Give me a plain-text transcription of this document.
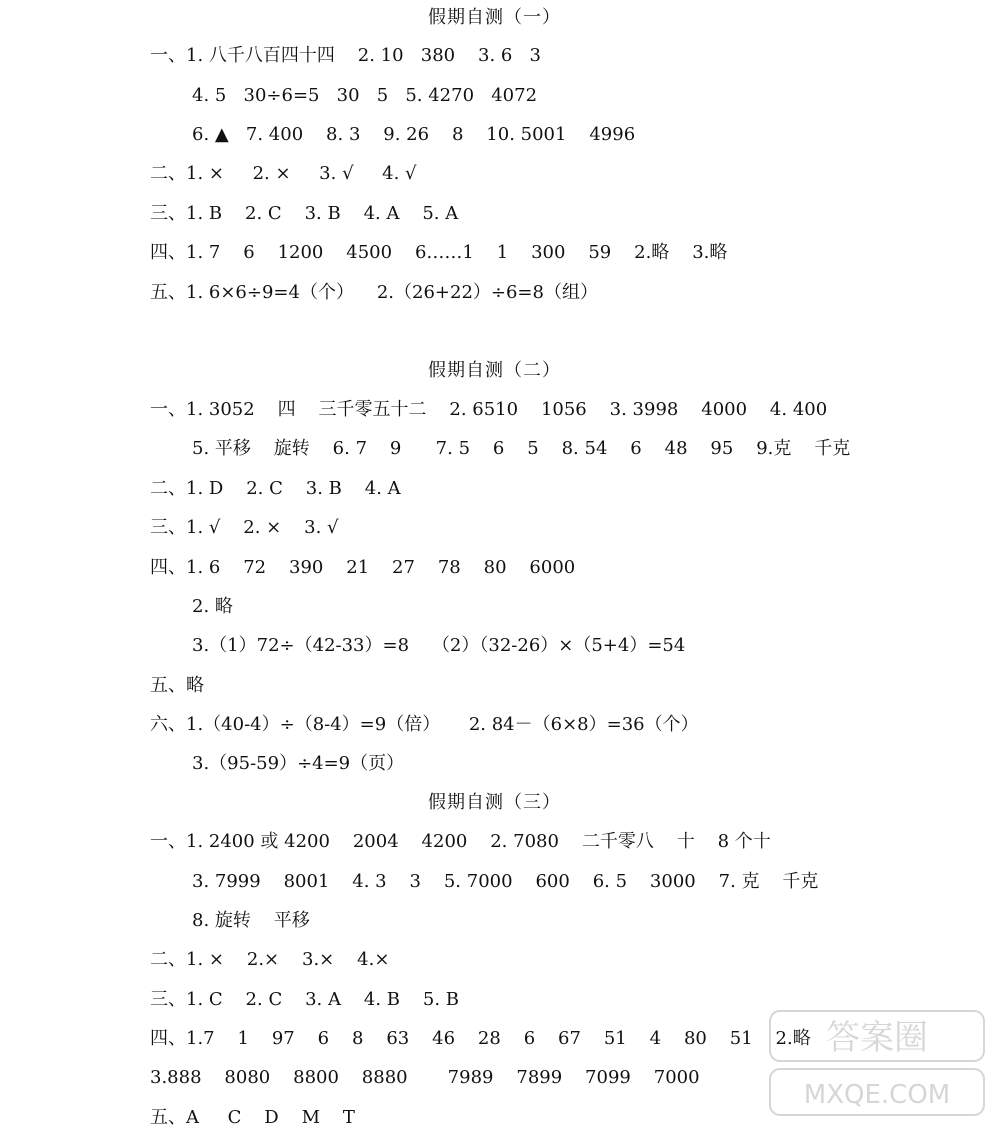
假期自测（一）
一、1. 八千八百四十四    2. 10   380    3. 6   3
4. 5   30÷6=5   30   5   5. 4270   4072
6. ▲   7. 400    8. 3    9. 26    8    10. 5001    4996
二、1. ×     2. ×     3. √     4. √
三、1. B    2. C    3. B    4. A    5. A
四、1. 7    6    1200    4500    6……1    1    300    59    2.略    3.略
五、1. 6×6÷9=4（个）    2.（26+22）÷6=8（组）
假期自测（二）
一、1. 3052    四    三千零五十二    2. 6510    1056    3. 3998    4000    4. 400
5. 平移    旋转    6. 7    9      7. 5    6    5    8. 54    6    48    95    9.克    千克
二、1. D    2. C    3. B    4. A
三、1. √    2. ×    3. √
四、1. 6    72    390    21    27    78    80    6000
2. 略
3.（1）72÷（42-33）=8    （2）（32-26）×（5+4）=54
五、略
六、1.（40-4）÷（8-4）=9（倍）     2. 84－（6×8）=36（个）
3.（95-59）÷4=9（页）
假期自测（三）
一、1. 2400 或 4200    2004    4200    2. 7080    二千零八    十    8 个十
3. 7999    8001    4. 3    3    5. 7000    600    6. 5    3000    7. 克    千克
8. 旋转    平移
二、1. ×    2.×    3.×    4.×
三、1. C    2. C    3. A    4. B    5. B
四、1.7    1    97    6    8    63    46    28    6    67    51    4    80    51    2.略
3.888    8080    8800    8880       7989    7899    7099    7000
五、A     C    D    M    T
答案圈
MXQE.COM
